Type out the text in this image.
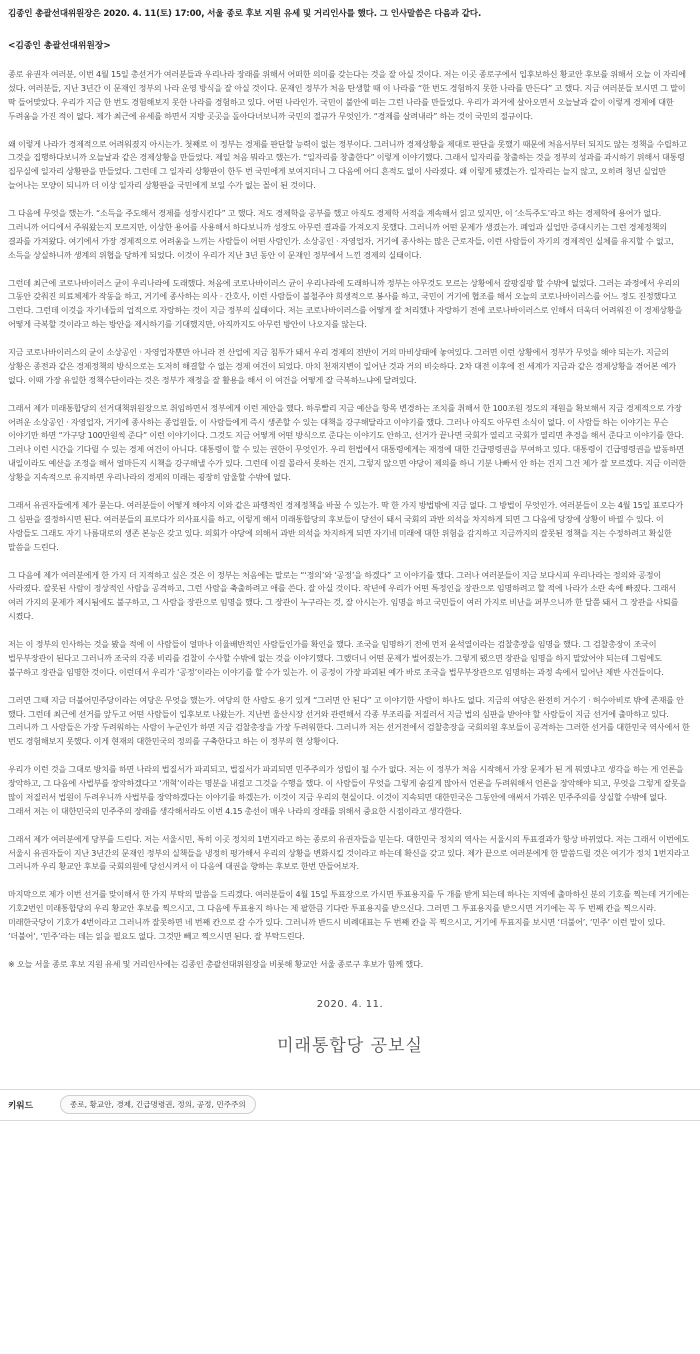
김종인 총괄선대위원장은 2020. 4. 11(토) 17:00, 서울 종로 후보 지원 유세 및 거리인사를 했다. 그 인사말씀은 다음과 같다.

<김종인 총괄선대위원장>

종로 유권자 여러분, 이번 4월 15일 총선거가 여러분들과 우리나라 장래를 위해서 어떠한 의미를 갖는다는 것을 잘 아실 것이다. 저는 이곳 종로구에서 입후보하신 황교안 후보를 위해서 오늘 이 자리에 섰다. 여러분들, 지난 3년간 이 문재인 정부의 나라 운영 방식을 잘 아실 것이다. 문재인 정부가 처음 탄생할 때 이 나라를 “한 번도 경험하지 못한 나라를 만든다” 고 했다. 지금 여러분들 보시면 그 말이 딱 들어맞았다. 우리가 지금 한 번도 경험해보지 못한 나라를 경험하고 있다. 어떤 나라인가. 국민이 불안에 떠는 그런 나라를 만들었다. 우리가 과거에 살아오면서 오늘날과 같이 이렇게 경제에 대한 두려움을 가진 적이 없다. 제가 최근에 유세를 하면서 지방 곳곳을 돌아다녀보니까 국민의 절규가 무엇인가. “경제를 살려내라” 하는 것이 국민의 절규이다.

왜 이렇게 나라가 경제적으로 어려워졌지 아시는가. 첫째로 이 정부는 경제를 판단할 능력이 없는 정부이다. 그러니까 경제상황을 제대로 판단을 못했기 때문에 처음서부터 되지도 않는 정책을 수립하고 그것을 집행하다보니까 오늘날과 같은 경제상황을 만들었다. 제일 처음 뭐라고 했는가. “일자리를 창출한다” 이렇게 이야기했다. 그래서 일자리를 창출하는 것을 정부의 성과를 과시하기 위해서 대통령 집무실에 일자리 상황판을 만들었다. 그런데 그 일자리 상황판이 한두 번 국민에게 보여지더니 그 다음에 어디 흔적도 없이 사라졌다. 왜 이렇게 됐겠는가. 일자리는 늘지 않고, 오히려 청년 실업만 늘어나는 모양이 되니까 더 이상 일자리 상황판을 국민에게 보일 수가 없는 꼴이 된 것이다.

그 다음에 무엇을 했는가. “소득을 주도해서 경제를 성장시킨다” 고 했다. 저도 경제학을 공부를 했고 아직도 경제학 서적을 계속해서 읽고 있지만, 이 ‘소득주도’라고 하는 경제학에 용어가 없다. 그러니까 어디에서 주워왔는지 모르지만, 이상한 용어를 사용해서 하다보니까 성장도 아무런 결과를 가져오지 못했다. 그러니까 어떤 문제가 생겼는가. 폐업과 실업만 증대시키는 그런 경제정책의 결과를 가져왔다. 여기에서 가장 경제적으로 어려움을 느끼는 사람들이 어떤 사람인가. 소상공인 · 자영업자, 거기에 종사하는 많은 근로자들, 이런 사람들이 자기의 경제적인 실체를 유지할 수 없고, 소득을 상실하니까 생계의 위협을 당하게 되었다. 이것이 우리가 지난 3년 동안 이 문재인 정부에서 느낀 경제의 실태이다.

그런데 최근에 코로나바이러스 균이 우리나라에 도래했다. 처음에 코로나바이러스 균이 우리나라에 도래하니까 정부는 아무것도 모르는 상황에서 갈팡질팡 할 수밖에 없었다. 그러는 과정에서 우리의 그동안 갖춰진 의료체제가 작동을 하고, 거기에 종사하는 의사 · 간호사, 이런 사람들이 불철주야 희생적으로 봉사를 하고, 국민이 거기에 협조를 해서 오늘의 코로나바이러스를 어느 정도 진정했다고 그런다. 그런데 이것을 자기네들의 업적으로 자랑하는 것이 지금 정부의 실태이다. 저는 코로나바이러스를 어떻게 잘 처리했나 자랑하기 전에 코로나바이러스로 인해서 더욱더 어려워진 이 경제상황을 어떻게 극복할 것이라고 하는 방안을 제시하기를 기대했지만, 아직까지도 아무런 방안이 나오지를 않는다.

지금 코로나바이러스의 균이 소상공인 · 자영업자뿐만 아니라 전 산업에 지금 침투가 돼서 우리 경제의 전반이 거의 마비상태에 놓여있다. 그러면 이런 상황에서 정부가 무엇을 해야 되는가. 지금의 상황은 종전과 같은 경제정책의 방식으로는 도저히 해결할 수 없는 경제 여건이 되었다. 마치 천재지변이 일어난 것과 거의 비슷하다. 2차 대전 이후에 전 세계가 지금과 같은 경제상황을 겪어본 예가 없다. 이때 가장 유일한 정책수단이라는 것은 정부가 재정을 잘 활용을 해서 이 여건을 어떻게 잘 극복하느냐에 달려있다.

그래서 제가 미래통합당의 선거대책위원장으로 취임하면서 정부에게 이런 제안을 했다. 하루빨리 지금 예산을 항목 변경하는 조치를 취해서 한 100조원 정도의 재원을 확보해서 지금 경제적으로 가장 어려운 소상공인 · 자영업자, 거기에 종사하는 종업원들, 이 사람들에게 즉시 생존할 수 있는 대책을 강구해달라고 이야기를 했다. 그러나 아직도 아무런 소식이 없다. 이 사람들 하는 이야기는 무슨 이야기만 하면 “가구당 100만원씩 준다” 이런 이야기이다. 그것도 지금 어떻게 어떤 방식으로 준다는 이야기도 안하고, 선거가 끝나면 국회가 열리고 국회가 열리면 추경을 해서 준다고 이야기를 한다. 그러나 이런 시간을 기다릴 수 있는 경제 여건이 아니다. 대통령이 할 수 있는 권한이 무엇인가. 우리 헌법에서 대통령에게는 재정에 대한 긴급명령권을 부여하고 있다. 대통령이 긴급명령권을 발동하면 내일이라도 예산을 조정을 해서 얼마든지 시책을 강구해낼 수가 있다. 그런데 이걸 몰라서 못하는 건지, 그렇지 않으면 야당이 제의를 하니 기분 나빠서 안 하는 건지 그건 제가 잘 모르겠다. 지금 이러한 상황을 지속적으로 유지하면 우리나라의 경제의 미래는 굉장히 암울할 수밖에 없다.

그래서 유권자들에게 제가 묻는다. 여러분들이 어떻게 해야지 이와 같은 파행적인 경제정책을 바꿀 수 있는가. 딱 한 가지 방법밖에 지금 없다. 그 방법이 무엇인가. 여러분들이 오는 4월 15일 표로다가 그 심판을 결정하시면 된다. 여러분들의 표로다가 의사표시를 하고, 이렇게 해서 미래통합당의 후보들이 당선이 돼서 국회의 과반 의석을 차지하게 되면 그 다음에 당장에 상황이 바뀔 수 있다. 이 사람들도 그래도 자기 나름대로의 생존 본능은 갖고 있다. 의회가 야당에 의해서 과반 의석을 차지하게 되면 자기네 미래에 대한 위험을 감지하고 지금까지의 잘못된 정책을 지는 수정하려고 확실한 말씀을 드린다.

그 다음에 제가 여러분에게 한 가지 더 지적하고 싶은 것은 이 정부는 처음에는 말로는 “‘정의’와 ‘공정’을 하겠다” 고 이야기를 했다. 그러나 여러분들이 지금 보다시피 우리나라는 정의와 공정이 사라졌다. 잘못된 사람이 정상적인 사람을 공격하고, 그런 사람을 축출하려고 애를 쓴다. 잘 아실 것이다. 작년에 우리가 어떤 특정인을 장관으로 임명하려고 할 적에 나라가 소란 속에 빠졌다. 그래서 여러 가지의 문제가 제시됨에도 불구하고, 그 사람을 장관으로 임명을 했다. 그 장관이 누구라는 것, 잘 아시는가. 임명을 하고 국민들이 여러 가지로 비난을 퍼부으니까 한 달쯤 돼서 그 장관을 사퇴를 시켰다.

저는 이 정부의 인사하는 것을 봤을 적에 이 사람들이 얼마나 이율배반적인 사람들인가를 확인을 했다. 조국을 임명하기 전에 먼저 윤석열이라는 검찰총장을 임명을 했다. 그 검찰총장이 조국이 법무부장관이 된다고 그러니까 조국의 각종 비리를 검찰이 수사할 수밖에 없는 것을 이야기했다. 그랬더니 어떤 문제가 벌어졌는가. 그렇게 됐으면 장관을 임명을 하지 말았어야 되는데 그럼에도 불구하고 장관을 임명한 것이다. 이런데서 우리가 ‘공정’이라는 이야기를 할 수가 있는가. 이 공정이 가장 파괴된 예가 바로 조국을 법무부장관으로 임명하는 과정 속에서 일어난 제반 사건들이다.

그러면 그때 지금 더불어민주당이라는 여당은 무엇을 했는가. 여당의 한 사람도 용기 있게 “그러면 안 된다” 고 이야기한 사람이 하나도 없다. 지금의 여당은 완전히 거수기 · 허수아비로 밖에 존재를 안 했다. 그런데 최근에 선거를 앞두고 어떤 사람들이 입후보로 나왔는가. 지난번 울산시장 선거와 관련해서 각종 부조리를 저질러서 지금 법의 심판을 받아야 할 사람들이 지금 선거에 출마하고 있다. 그러니까 그 사람들은 가장 두려워하는 사람이 누군인가 하면 지금 검찰총장을 가장 두려워한다. 그러니까 저는 선거전에서 검찰총장을 국회의원 후보들이 공격하는 그러한 선거를 대한민국 역사에서 한 번도 경험해보지 못했다. 이게 현재의 대한민국의 정의를 구축한다고 하는 이 정부의 현 상황이다.

우리가 이런 것을 그대로 방치를 하면 나라의 법질서가 파괴되고, 법질서가 파괴되면 민주주의가 성립이 될 수가 없다. 저는 이 정부가 처음 시작해서 가장 문제가 된 게 뭐였냐고 생각을 하는 게 언론을 장악하고, 그 다음에 사법부를 장악하겠다고 ‘개혁’이라는 명분을 내걸고 그것을 수행을 했다. 이 사람들이 무엇을 그렇게 숨길게 많아서 언론을 두려워해서 언론을 장악해야 되고, 무엇을 그렇게 잘못을 많이 저질러서 법원이 두려우니까 사법부를 장악하겠다는 이야기를 하겠는가. 이것이 지금 우리의 현실이다. 이것이 지속되면 대한민국은 그동안에 애써서 가꿔온 민주주의를 상실할 수밖에 없다. 그래서 저는 이 대한민국의 민주주의 장래를 생각해서라도 이번 4.15 총선이 매우 나라의 장래를 위해서 중요한 시점이라고 생각한다.

그래서 제가 여러분에게 당부를 드린다. 저는 서울시민, 특히 이곳 정치의 1번지라고 하는 종로의 유권자들을 믿는다. 대한민국 정치의 역사는 서울시의 투표결과가 항상 바뀌었다. 저는 그래서 이번에도 서울시 유권자들이 지난 3년간의 문재인 정부의 실책들을 냉정히 평가해서 우리의 상황을 변화시킬 것이라고 하는데 확신을 갖고 있다. 제가 끝으로 여러분에게 한 말씀드릴 것은 여기가 정치 1번지라고 그러니까 우리 황교안 후보를 국회의원에 당선시켜서 이 다음에 대권을 향하는 후보로 한번 만들어보자.

마지막으로 제가 이번 선거를 맞이해서 한 가지 부탁의 말씀을 드리겠다. 여러분들이 4월 15일 투표장으로 가시면 투표용지를 두 개를 받게 되는데 하나는 지역에 출마하신 분의 기호를 찍는데 거기에는 기호2번인 미래통합당의 우리 황교안 후보를 찍으시고, 그 다음에 투표용지 하나는 제 팔한큼 기다란 투표용지를 받으신다. 그러면 그 투표용지를 받으시면 거기에는 꼭 두 번째 칸을 찍으시라. 미래한국당이 기호가 4번이라고 그러니까 잘못하면 네 번째 칸으로 갈 수가 있다. 그러니까 반드시 비례대표는 두 번째 칸을 꼭 찍으시고, 거기에 투표지를 보시면 ‘더불어’, ‘민주’ 이런 말이 있다. ‘더불어’, ‘민주’라는 데는 읽을 필요도 없다. 그것만 빼고 찍으시면 된다. 잘 부탁드린다.

※ 오늘 서울 종로 후보 지원 유세 및 거리인사에는 김종인 총괄선대위원장을 비롯해 황교안 서울 종로구 후보가 함께 했다.

2020. 4. 11.
미래통합당 공보실
키워드	종로, 황교안, 경제, 긴급명령권, 정의, 공정, 민주주의
